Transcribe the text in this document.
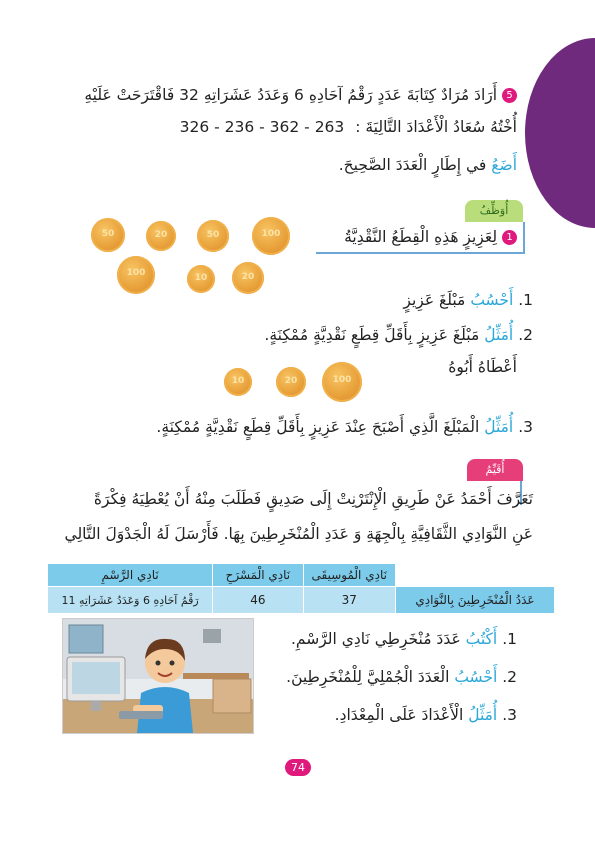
5 أَرَادَ مُرَادٌ كِتَابَةَ عَدَدٍ رَقْمُ آحَادِهِ 6 وَعَدَدُ عَشَرَاتِهِ 32 فَاقْتَرَحَتْ عَلَيْهِ
أُخْتُهُ سُعَادُ الْأَعْدَادَ التَّالِيَةَ : 326 - 236 - 362 - 263
أَضَعُ في إِطَارٍ الْعَدَدَ الصَّحِيحَ.
أُوَظِّفُ
1 لِعَزِيزٍ هَذِهِ الْقِطَعُ النَّقْدِيَّةُ
50	20	50	100
100	10	20
1. أَحْسُبُ مَبْلَغَ عَزِيزٍ
2. أُمَثِّلُ مَبْلَغَ عَزِيزٍ بِأَقَلِّ قِطَعٍ نَقْدِيَّةٍ مُمْكِنَةٍ.
أَعْطَاهُ أَبُوهُ
10	20	100
3. أُمَثِّلُ الْمَبْلَغَ الَّذِي أَصْبَحَ عِنْدَ عَزِيزٍ بِأَقَلِّ قِطَعٍ نَقْدِيَّةٍ مُمْكِنَةٍ.
أُقَيِّمُ
تَعَرَّفَ أَحْمَدُ عَنْ طَرِيقِ الْإِنْتَرْنِتْ إِلَى صَدِيقٍ فَطَلَبَ مِنْهُ أَنْ يُعْطِيَهُ فِكْرَةً
عَنِ النَّوَادِي الثَّقَافِيَّةِ بِالْجِهَةِ وَ عَدَدِ الْمُنْخَرِطِينَ بِهَا. فَأَرْسَلَ لَهُ الْجَدْوَلَ التَّالِي
	نَادِي الْمُوسِيقَى	نَادِي الْمَسْرَحِ	نَادِي الرَّسْمِ
عَدَدُ الْمُنْخَرِطِينَ بِالنَّوَادِي	37	46	رَقْمُ آحَادِهِ 6 وَعَدَدُ عَشَرَاتِهِ 11
1. أَكْتُبُ عَدَدَ مُنْخَرِطِي نَادِي الرَّسْمِ.
2. أَحْسُبُ الْعَدَدَ الْجُمْلِيَّ لِلْمُنْخَرِطِينَ.
3. أُمَثِّلُ الْأَعْدَادَ عَلَى الْمِعْدَادِ.
74
